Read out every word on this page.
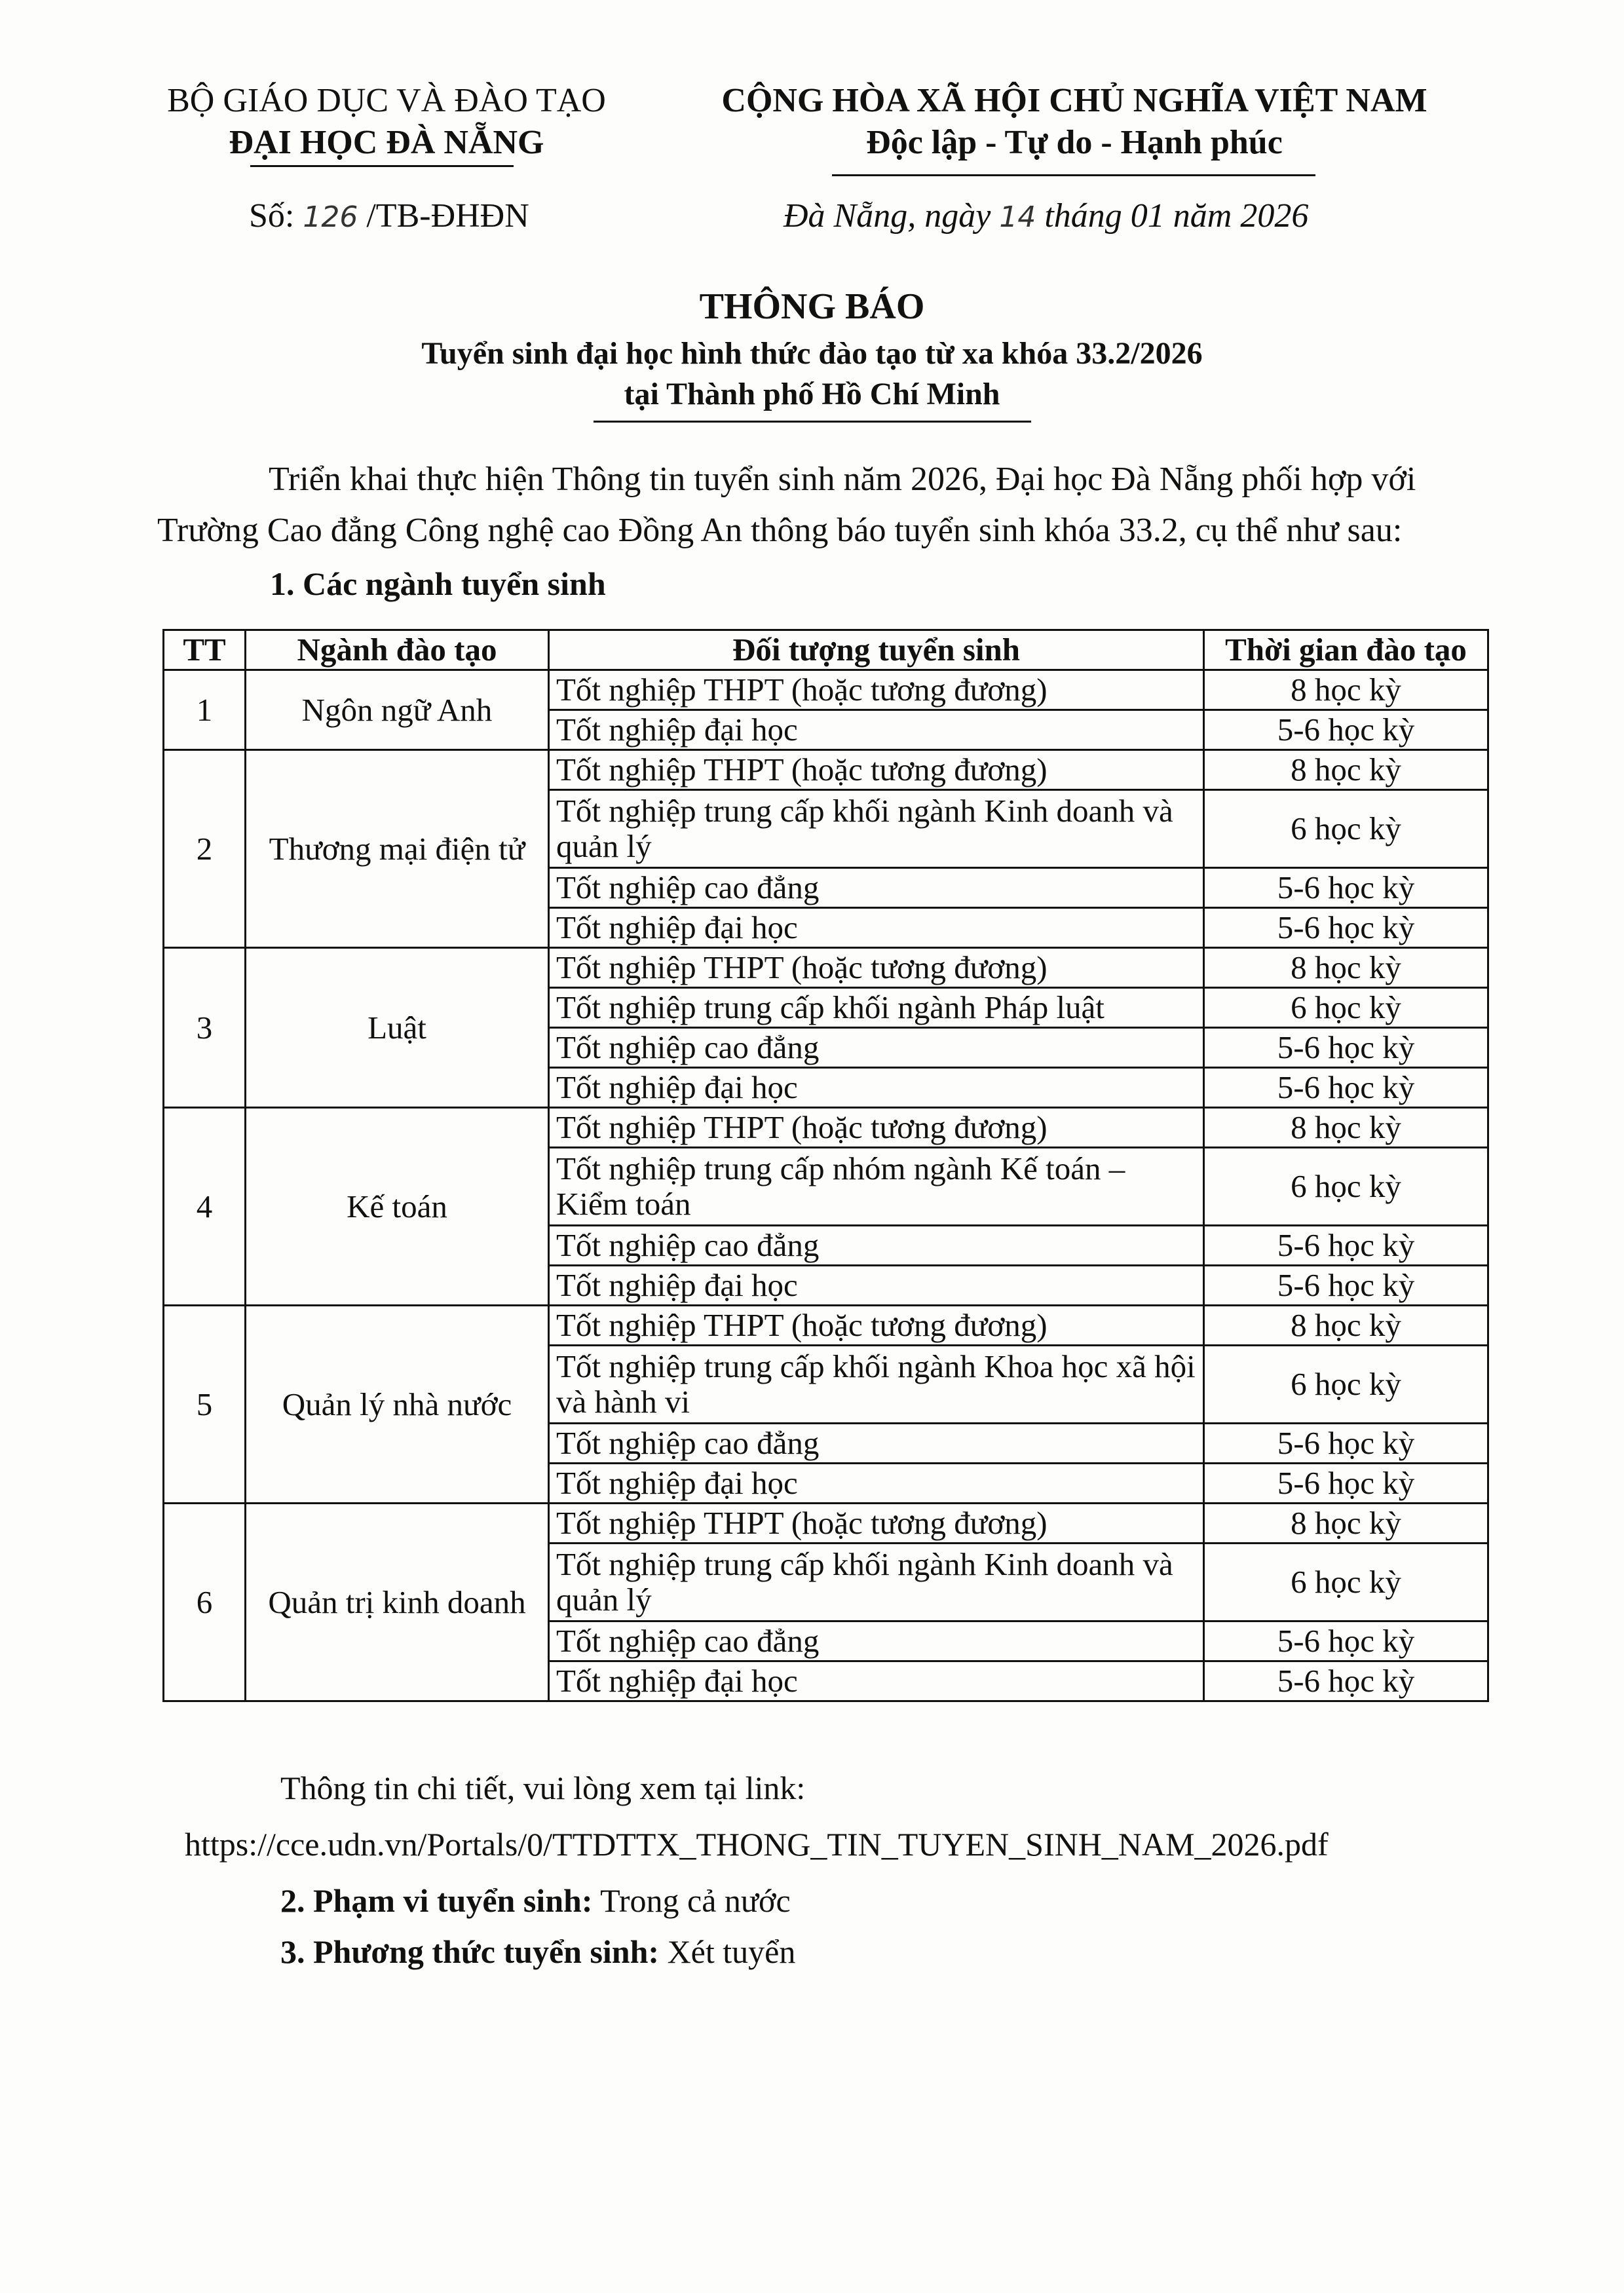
BỘ GIÁO DỤC VÀ ĐÀO TẠO
ĐẠI HỌC ĐÀ NẴNG
Số: 126 /TB-ĐHĐN
CỘNG HÒA XÃ HỘI CHỦ NGHĨA VIỆT NAM
Độc lập - Tự do - Hạnh phúc
Đà Nẵng, ngày 14 tháng 01 năm 2026
THÔNG BÁO
Tuyển sinh đại học hình thức đào tạo từ xa khóa 33.2/2026
tại Thành phố Hồ Chí Minh
Triển khai thực hiện Thông tin tuyển sinh năm 2026, Đại học Đà Nẵng phối hợp với
Trường Cao đẳng Công nghệ cao Đồng An thông báo tuyển sinh khóa 33.2, cụ thể như sau:
1. Các ngành tuyển sinh
TT	Ngành đào tạo	Đối tượng tuyển sinh	Thời gian đào tạo
1	Ngôn ngữ Anh	Tốt nghiệp THPT (hoặc tương đương)	8 học kỳ
		Tốt nghiệp đại học	5-6 học kỳ
2	Thương mại điện tử	Tốt nghiệp THPT (hoặc tương đương)	8 học kỳ
		Tốt nghiệp trung cấp khối ngành Kinh doanh và quản lý	6 học kỳ
		Tốt nghiệp cao đẳng	5-6 học kỳ
		Tốt nghiệp đại học	5-6 học kỳ
3	Luật	Tốt nghiệp THPT (hoặc tương đương)	8 học kỳ
		Tốt nghiệp trung cấp khối ngành Pháp luật	6 học kỳ
		Tốt nghiệp cao đẳng	5-6 học kỳ
		Tốt nghiệp đại học	5-6 học kỳ
4	Kế toán	Tốt nghiệp THPT (hoặc tương đương)	8 học kỳ
		Tốt nghiệp trung cấp nhóm ngành Kế toán – Kiểm toán	6 học kỳ
		Tốt nghiệp cao đẳng	5-6 học kỳ
		Tốt nghiệp đại học	5-6 học kỳ
5	Quản lý nhà nước	Tốt nghiệp THPT (hoặc tương đương)	8 học kỳ
		Tốt nghiệp trung cấp khối ngành Khoa học xã hội và hành vi	6 học kỳ
		Tốt nghiệp cao đẳng	5-6 học kỳ
		Tốt nghiệp đại học	5-6 học kỳ
6	Quản trị kinh doanh	Tốt nghiệp THPT (hoặc tương đương)	8 học kỳ
		Tốt nghiệp trung cấp khối ngành Kinh doanh và quản lý	6 học kỳ
		Tốt nghiệp cao đẳng	5-6 học kỳ
		Tốt nghiệp đại học	5-6 học kỳ
Thông tin chi tiết, vui lòng xem tại link:
https://cce.udn.vn/Portals/0/TTDTTX_THONG_TIN_TUYEN_SINH_NAM_2026.pdf
2. Phạm vi tuyển sinh: Trong cả nước
3. Phương thức tuyển sinh: Xét tuyển
